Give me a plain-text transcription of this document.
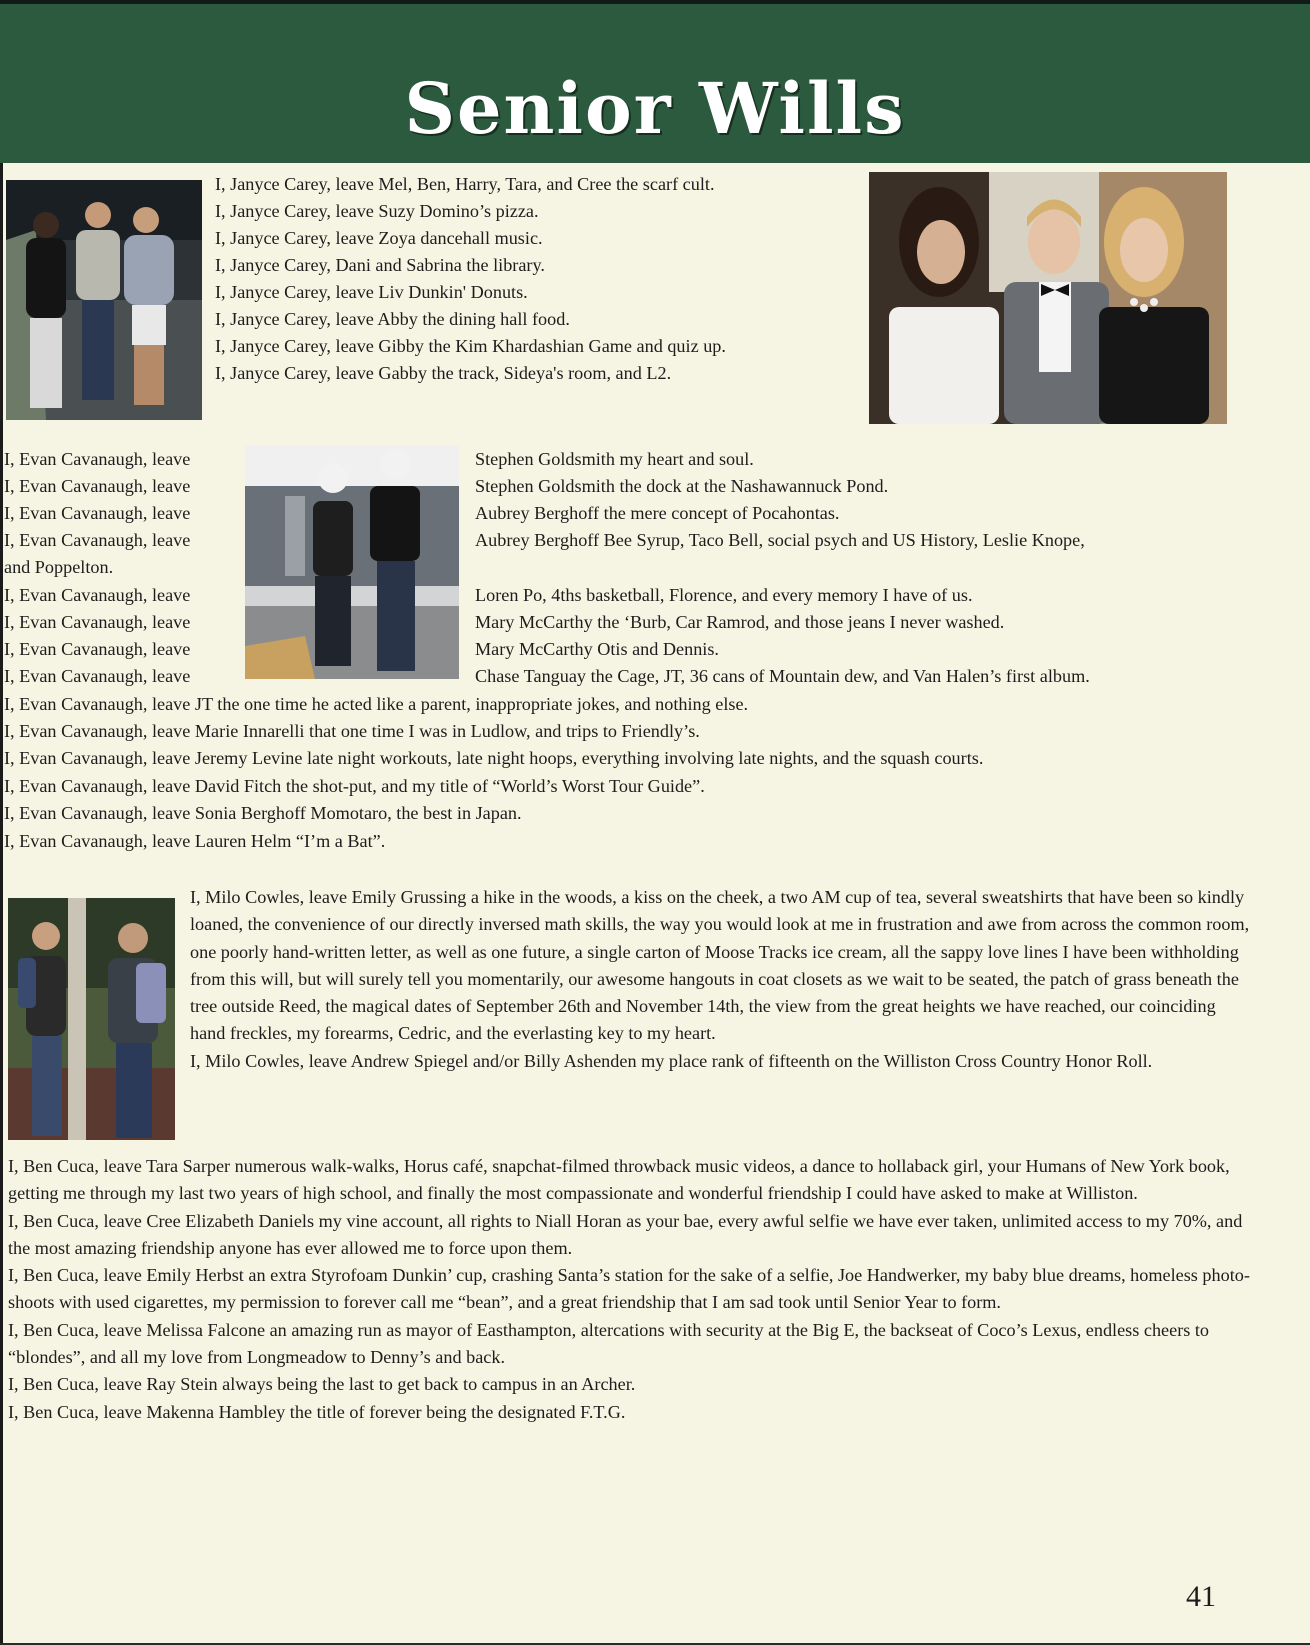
Senior Wills
I, Janyce Carey, leave Mel, Ben, Harry, Tara, and Cree the scarf cult.
I, Janyce Carey, leave Suzy Domino’s pizza.
I, Janyce Carey, leave Zoya dancehall music.
I, Janyce Carey, Dani and Sabrina the library.
I, Janyce Carey, leave Liv Dunkin' Donuts.
I, Janyce Carey, leave Abby the dining hall food.
I, Janyce Carey, leave Gibby the Kim Khardashian Game and quiz up.
I, Janyce Carey, leave Gabby the track, Sideya's room, and L2.
I, Evan Cavanaugh, leave	Stephen Goldsmith my heart and soul.
I, Evan Cavanaugh, leave	Stephen Goldsmith the dock at the Nashawannuck Pond.
I, Evan Cavanaugh, leave	Aubrey Berghoff the mere concept of Pocahontas.
I, Evan Cavanaugh, leave	Aubrey Berghoff Bee Syrup, Taco Bell, social psych and US History, Leslie Knope,
and Poppelton.
I, Evan Cavanaugh, leave	Loren Po, 4ths basketball, Florence, and every memory I have of us.
I, Evan Cavanaugh, leave	Mary McCarthy the ‘Burb, Car Ramrod, and those jeans I never washed.
I, Evan Cavanaugh, leave	Mary McCarthy Otis and Dennis.
I, Evan Cavanaugh, leave	Chase Tanguay the Cage, JT, 36 cans of Mountain dew, and Van Halen’s first album.
I, Evan Cavanaugh, leave JT the one time he acted like a parent, inappropriate jokes, and nothing else.
I, Evan Cavanaugh, leave Marie Innarelli that one time I was in Ludlow, and trips to Friendly’s.
I, Evan Cavanaugh, leave Jeremy Levine late night workouts, late night hoops, everything involving late nights, and the squash courts.
I, Evan Cavanaugh, leave David Fitch the shot-put, and my title of “World’s Worst Tour Guide”.
I, Evan Cavanaugh, leave Sonia Berghoff Momotaro, the best in Japan.
I, Evan Cavanaugh, leave Lauren Helm “I’m a Bat”.

I, Milo Cowles, leave Emily Grussing a hike in the woods, a kiss on the cheek, a two AM cup of tea, several sweatshirts that have been so kindly loaned, the convenience of our directly inversed math skills, the way you would look at me in frustration and awe from across the common room, one poorly hand-written letter, as well as one future, a single carton of Moose Tracks ice cream, all the sappy love lines I have been withholding from this will, but will surely tell you momentarily, our awesome hangouts in coat closets as we wait to be seated, the patch of grass beneath the tree outside Reed, the magical dates of September 26th and November 14th, the view from the great heights we have reached, our coinciding hand freckles, my forearms, Cedric, and the everlasting key to my heart.

I, Milo Cowles, leave Andrew Spiegel and/or Billy Ashenden my place rank of fifteenth on the Williston Cross Country Honor Roll.

I, Ben Cuca, leave Tara Sarper numerous walk-walks, Horus café, snapchat-filmed throwback music videos, a dance to hollaback girl, your Humans of New York book, getting me through my last two years of high school, and finally the most compassionate and wonderful friendship I could have asked to make at Williston.

I, Ben Cuca, leave Cree Elizabeth Daniels my vine account, all rights to Niall Horan as your bae, every awful selfie we have ever taken, unlimited access to my 70%, and the most amazing friendship anyone has ever allowed me to force upon them.

I, Ben Cuca, leave Emily Herbst an extra Styrofoam Dunkin’ cup, crashing Santa’s station for the sake of a selfie, Joe Handwerker, my baby blue dreams, homeless photo-shoots with used cigarettes, my permission to forever call me “bean”, and a great friendship that I am sad took until Senior Year to form.

I, Ben Cuca, leave Melissa Falcone an amazing run as mayor of Easthampton, altercations with security at the Big E, the backseat of Coco’s Lexus, endless cheers to “blondes”, and all my love from Longmeadow to Denny’s and back.

I, Ben Cuca, leave Ray Stein always being the last to get back to campus in an Archer.

I, Ben Cuca, leave Makenna Hambley the title of forever being the designated F.T.G.

41
